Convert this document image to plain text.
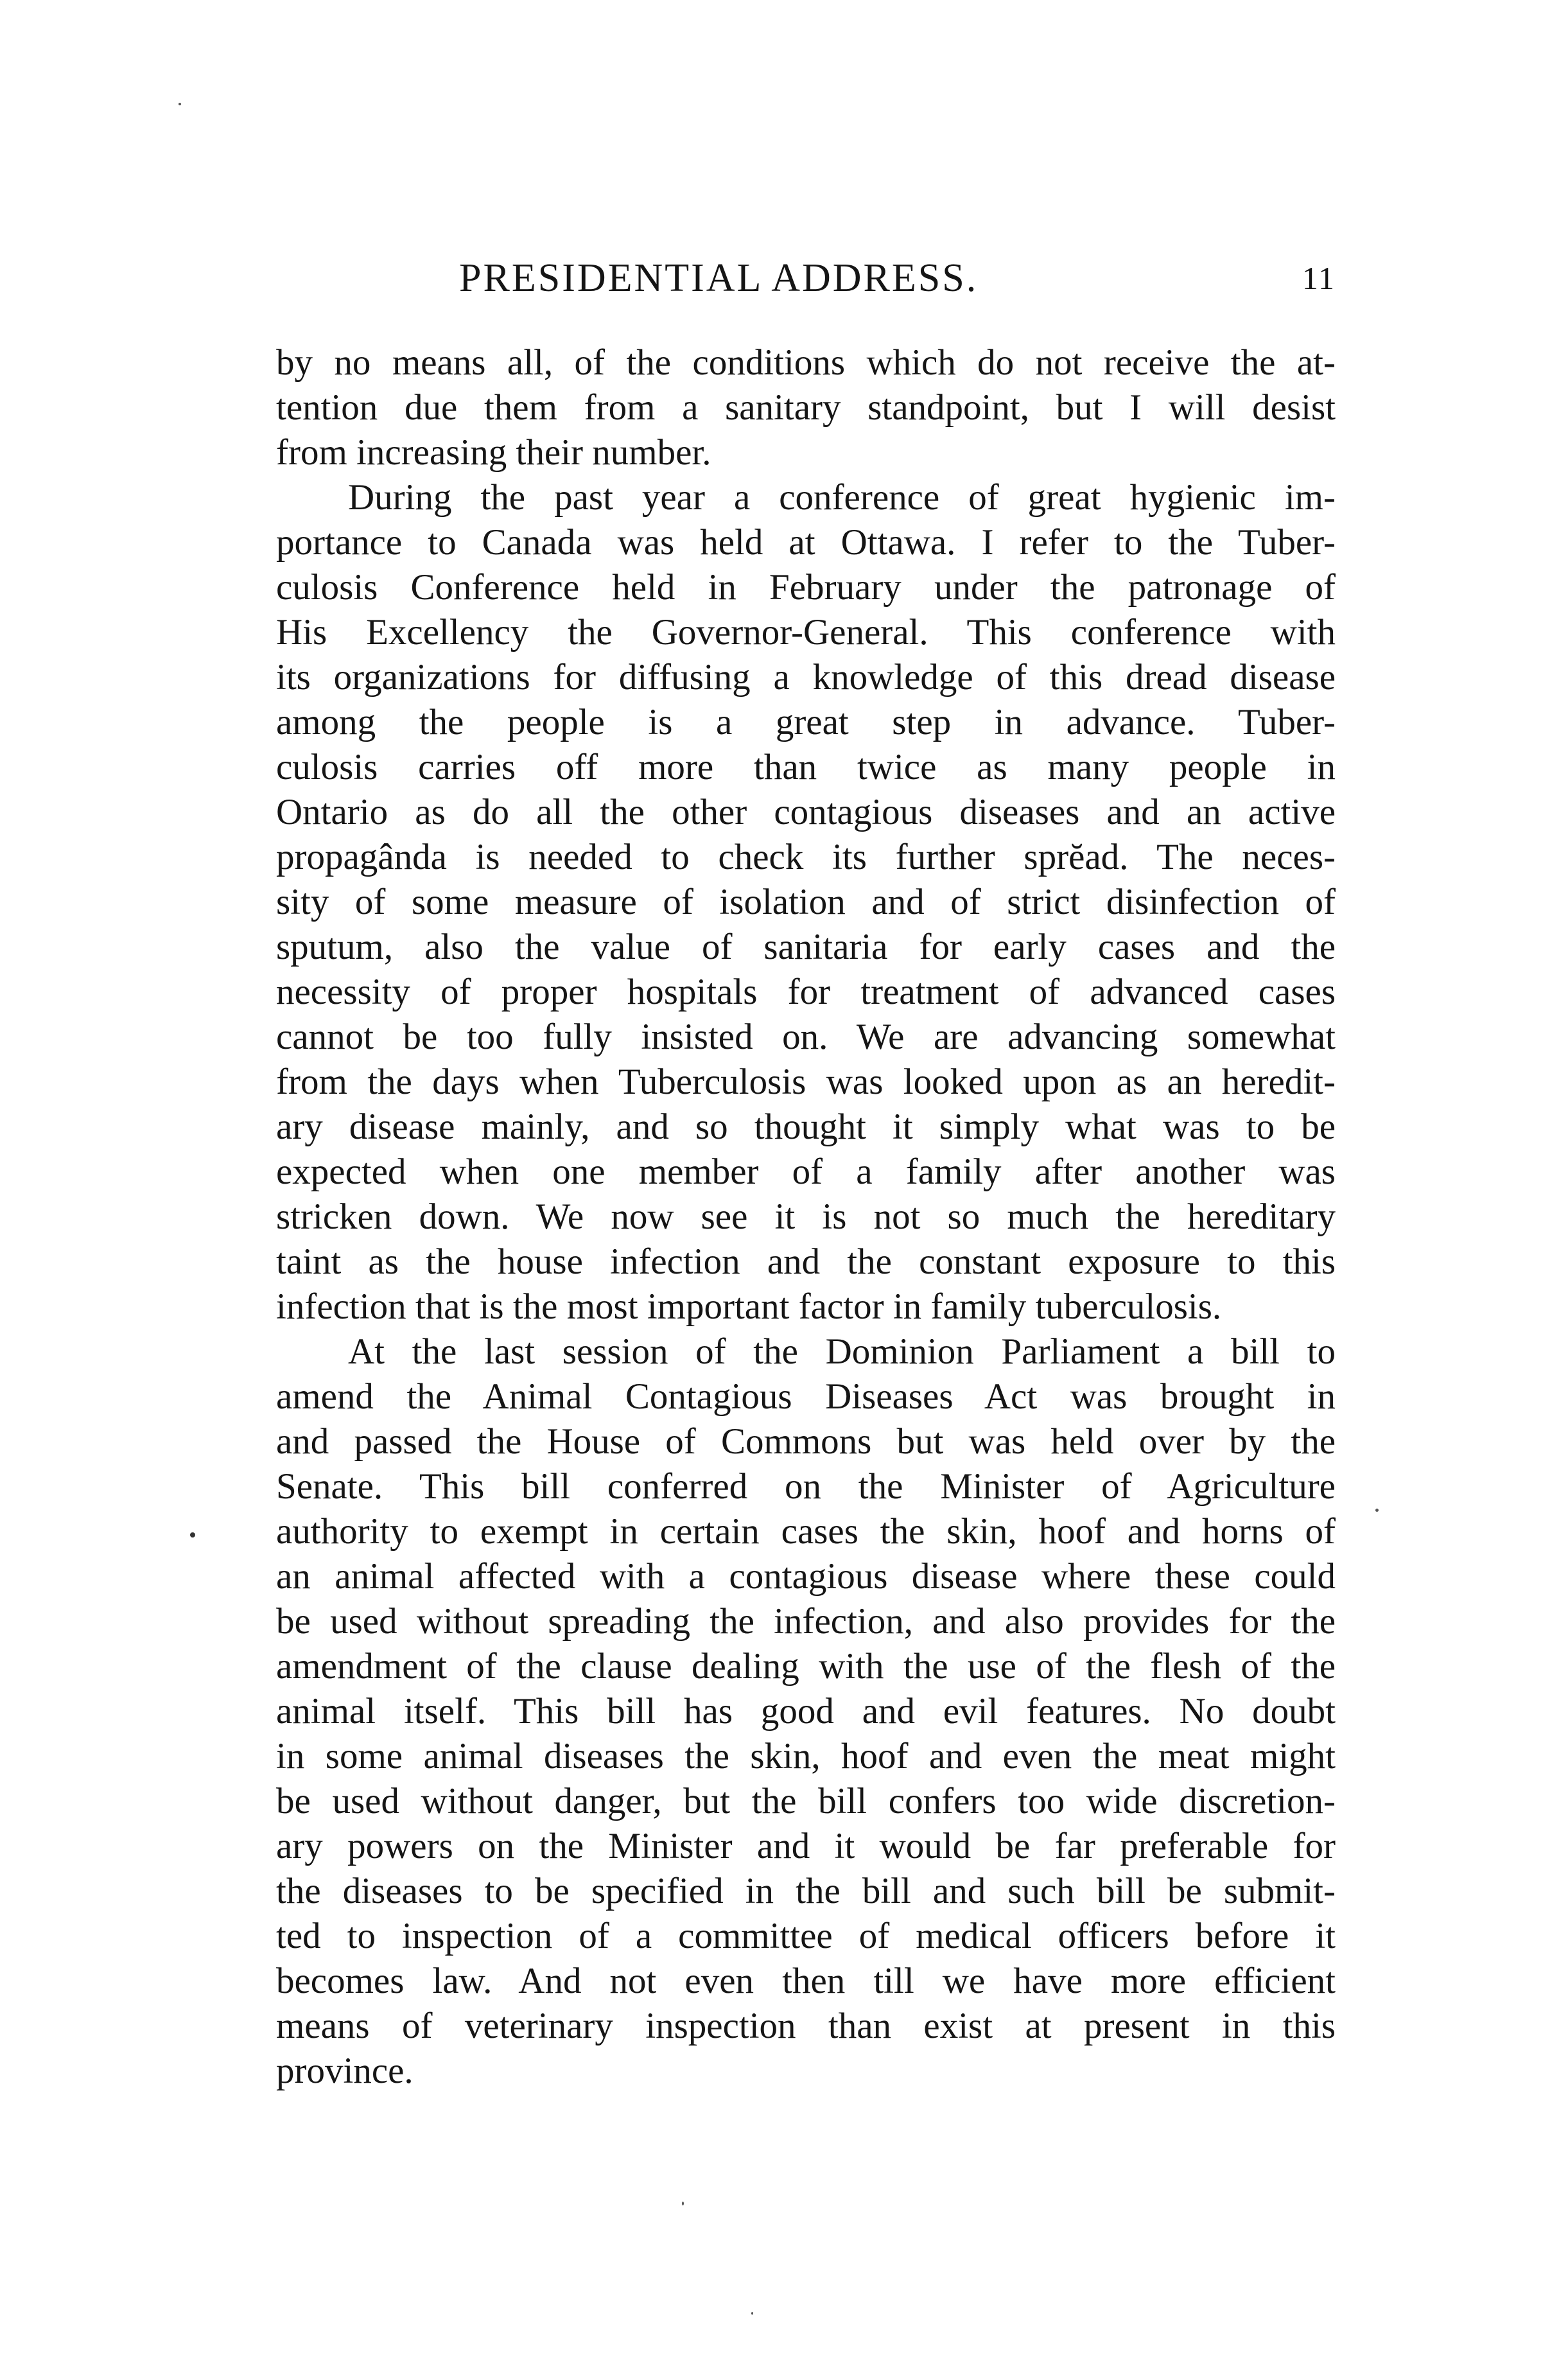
PRESIDENTIAL ADDRESS.	11
by no means all, of the conditions which do not receive the at-
tention due them from a sanitary standpoint, but I will desist
from increasing their number.
During the past year a conference of great hygienic im-
portance to Canada was held at Ottawa. I refer to the Tuber-
culosis Conference held in February under the patronage of
His Excellency the Governor-General. This conference with
its organizations for diffusing a knowledge of this dread disease
among the people is a great step in advance. Tuber-
culosis carries off more than twice as many people in
Ontario as do all the other contagious diseases and an active
propagânda is needed to check its further sprĕad. The neces-
sity of some measure of isolation and of strict disinfection of
sputum, also the value of sanitaria for early cases and the
necessity of proper hospitals for treatment of advanced cases
cannot be too fully insisted on. We are advancing somewhat
from the days when Tuberculosis was looked upon as an heredit-
ary disease mainly, and so thought it simply what was to be
expected when one member of a family after another was
stricken down. We now see it is not so much the hereditary
taint as the house infection and the constant exposure to this
infection that is the most important factor in family tuberculosis.
At the last session of the Dominion Parliament a bill to
amend the Animal Contagious Diseases Act was brought in
and passed the House of Commons but was held over by the
Senate. This bill conferred on the Minister of Agriculture
authority to exempt in certain cases the skin, hoof and horns of
an animal affected with a contagious disease where these could
be used without spreading the infection, and also provides for the
amendment of the clause dealing with the use of the flesh of the
animal itself. This bill has good and evil features. No doubt
in some animal diseases the skin, hoof and even the meat might
be used without danger, but the bill confers too wide discretion-
ary powers on the Minister and it would be far preferable for
the diseases to be specified in the bill and such bill be submit-
ted to inspection of a committee of medical officers before it
becomes law. And not even then till we have more efficient
means of veterinary inspection than exist at present in this
province.
